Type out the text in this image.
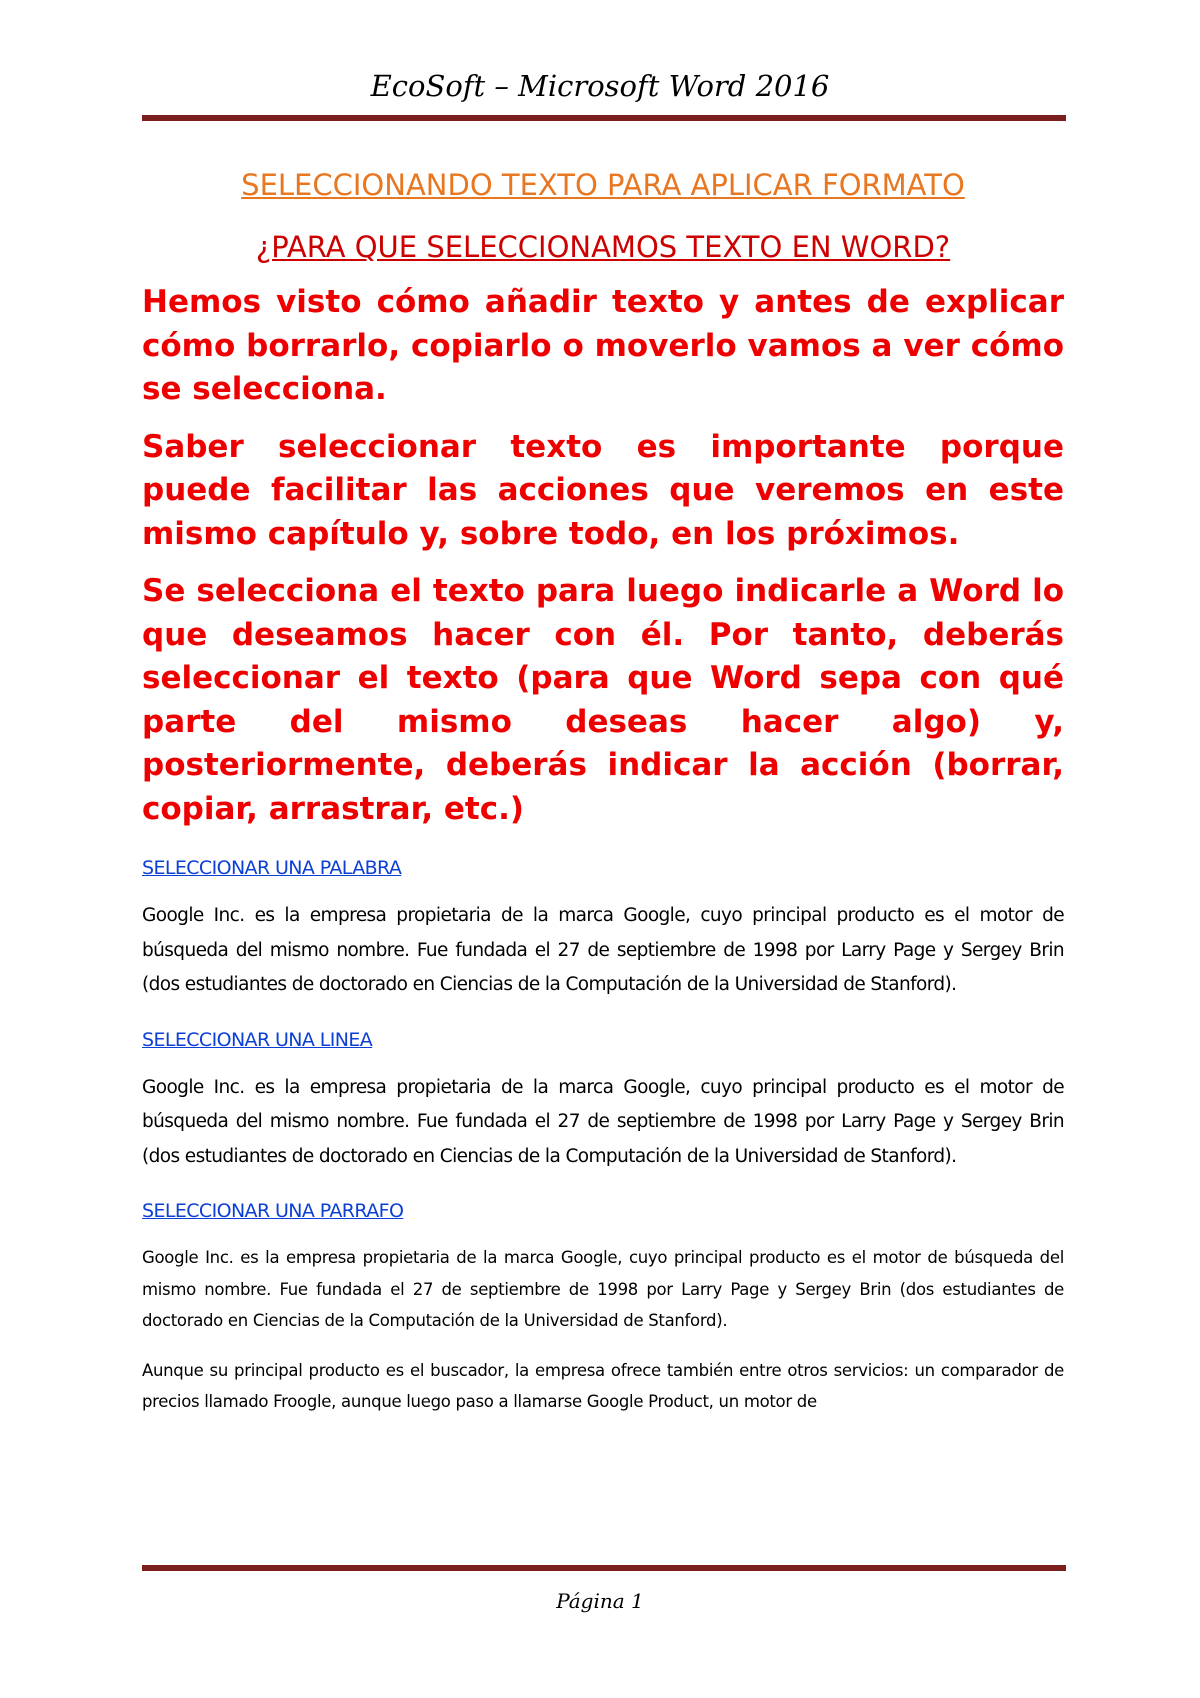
EcoSoft – Microsoft Word 2016
SELECCIONANDO TEXTO PARA APLICAR FORMATO
¿PARA QUE SELECCIONAMOS TEXTO EN WORD?

Hemos visto cómo añadir texto y antes de explicar cómo borrarlo, copiarlo o moverlo vamos a ver cómo se selecciona.

Saber seleccionar texto es importante porque puede facilitar las acciones que veremos en este mismo capítulo y, sobre todo, en los próximos.

Se selecciona el texto para luego indicarle a Word lo que deseamos hacer con él. Por tanto, deberás seleccionar el texto (para que Word sepa con qué parte del mismo deseas hacer algo) y, posteriormente, deberás indicar la acción (borrar, copiar, arrastrar, etc.)

SELECCIONAR UNA PALABRA

Google Inc. es la empresa propietaria de la marca Google, cuyo principal producto es el motor de búsqueda del mismo nombre. Fue fundada el 27 de septiembre de 1998 por Larry Page y Sergey Brin (dos estudiantes de doctorado en Ciencias de la Computación de la Universidad de Stanford).

SELECCIONAR UNA LINEA

Google Inc. es la empresa propietaria de la marca Google, cuyo principal producto es el motor de búsqueda del mismo nombre. Fue fundada el 27 de septiembre de 1998 por Larry Page y Sergey Brin (dos estudiantes de doctorado en Ciencias de la Computación de la Universidad de Stanford).

SELECCIONAR UNA PARRAFO

Google Inc. es la empresa propietaria de la marca Google, cuyo principal producto es el motor de búsqueda del mismo nombre. Fue fundada el 27 de septiembre de 1998 por Larry Page y Sergey Brin (dos estudiantes de doctorado en Ciencias de la Computación de la Universidad de Stanford).

Aunque su principal producto es el buscador, la empresa ofrece también entre otros servicios: un comparador de precios llamado Froogle, aunque luego paso a llamarse Google Product, un motor de

Página 1
